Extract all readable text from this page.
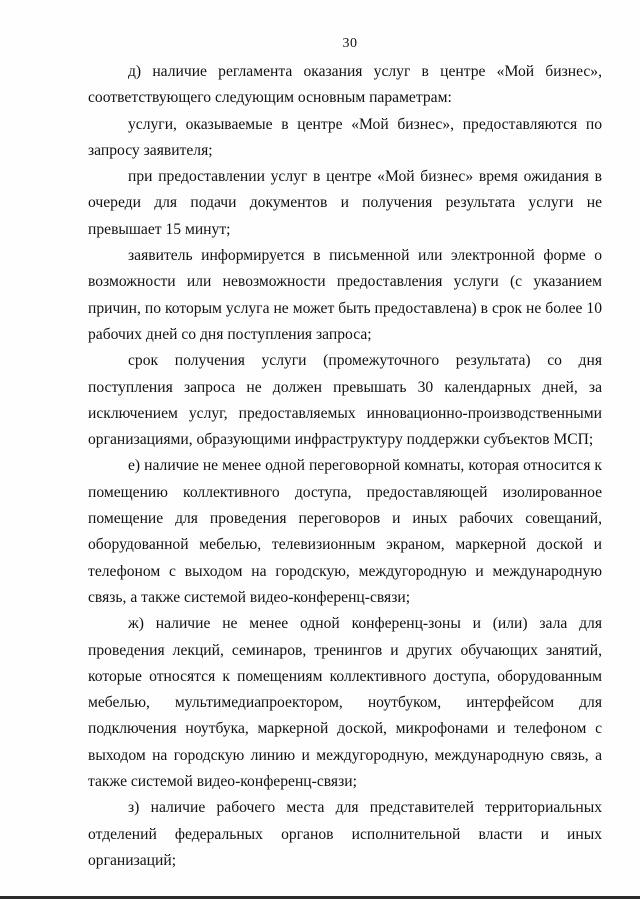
30

д) наличие регламента оказания услуг в центре «Мой бизнес», соответствующего следующим основным параметрам:

услуги, оказываемые в центре «Мой бизнес», предоставляются по запросу заявителя;

при предоставлении услуг в центре «Мой бизнес» время ожидания в очереди для подачи документов и получения результата услуги не превышает 15 минут;

заявитель информируется в письменной или электронной форме о возможности или невозможности предоставления услуги (с указанием причин, по которым услуга не может быть предоставлена) в срок не более 10 рабочих дней со дня поступления запроса;

срок получения услуги (промежуточного результата) со дня поступления запроса не должен превышать 30 календарных дней, за исключением услуг, предоставляемых инновационно-производственными организациями, образующими инфраструктуру поддержки субъектов МСП;

е) наличие не менее одной переговорной комнаты, которая относится к помещению коллективного доступа, предоставляющей изолированное помещение для проведения переговоров и иных рабочих совещаний, оборудованной мебелью, телевизионным экраном, маркерной доской и телефоном с выходом на городскую, междугородную и международную связь, а также системой видео-конференц-связи;

ж) наличие не менее одной конференц-зоны и (или) зала для проведения лекций, семинаров, тренингов и других обучающих занятий, которые относятся к помещениям коллективного доступа, оборудованным мебелью, мультимедиапроектором, ноутбуком, интерфейсом для подключения ноутбука, маркерной доской, микрофонами и телефоном с выходом на городскую линию и междугородную, международную связь, а также системой видео-конференц-связи;

з) наличие рабочего места для представителей территориальных отделений федеральных органов исполнительной власти и иных организаций;
